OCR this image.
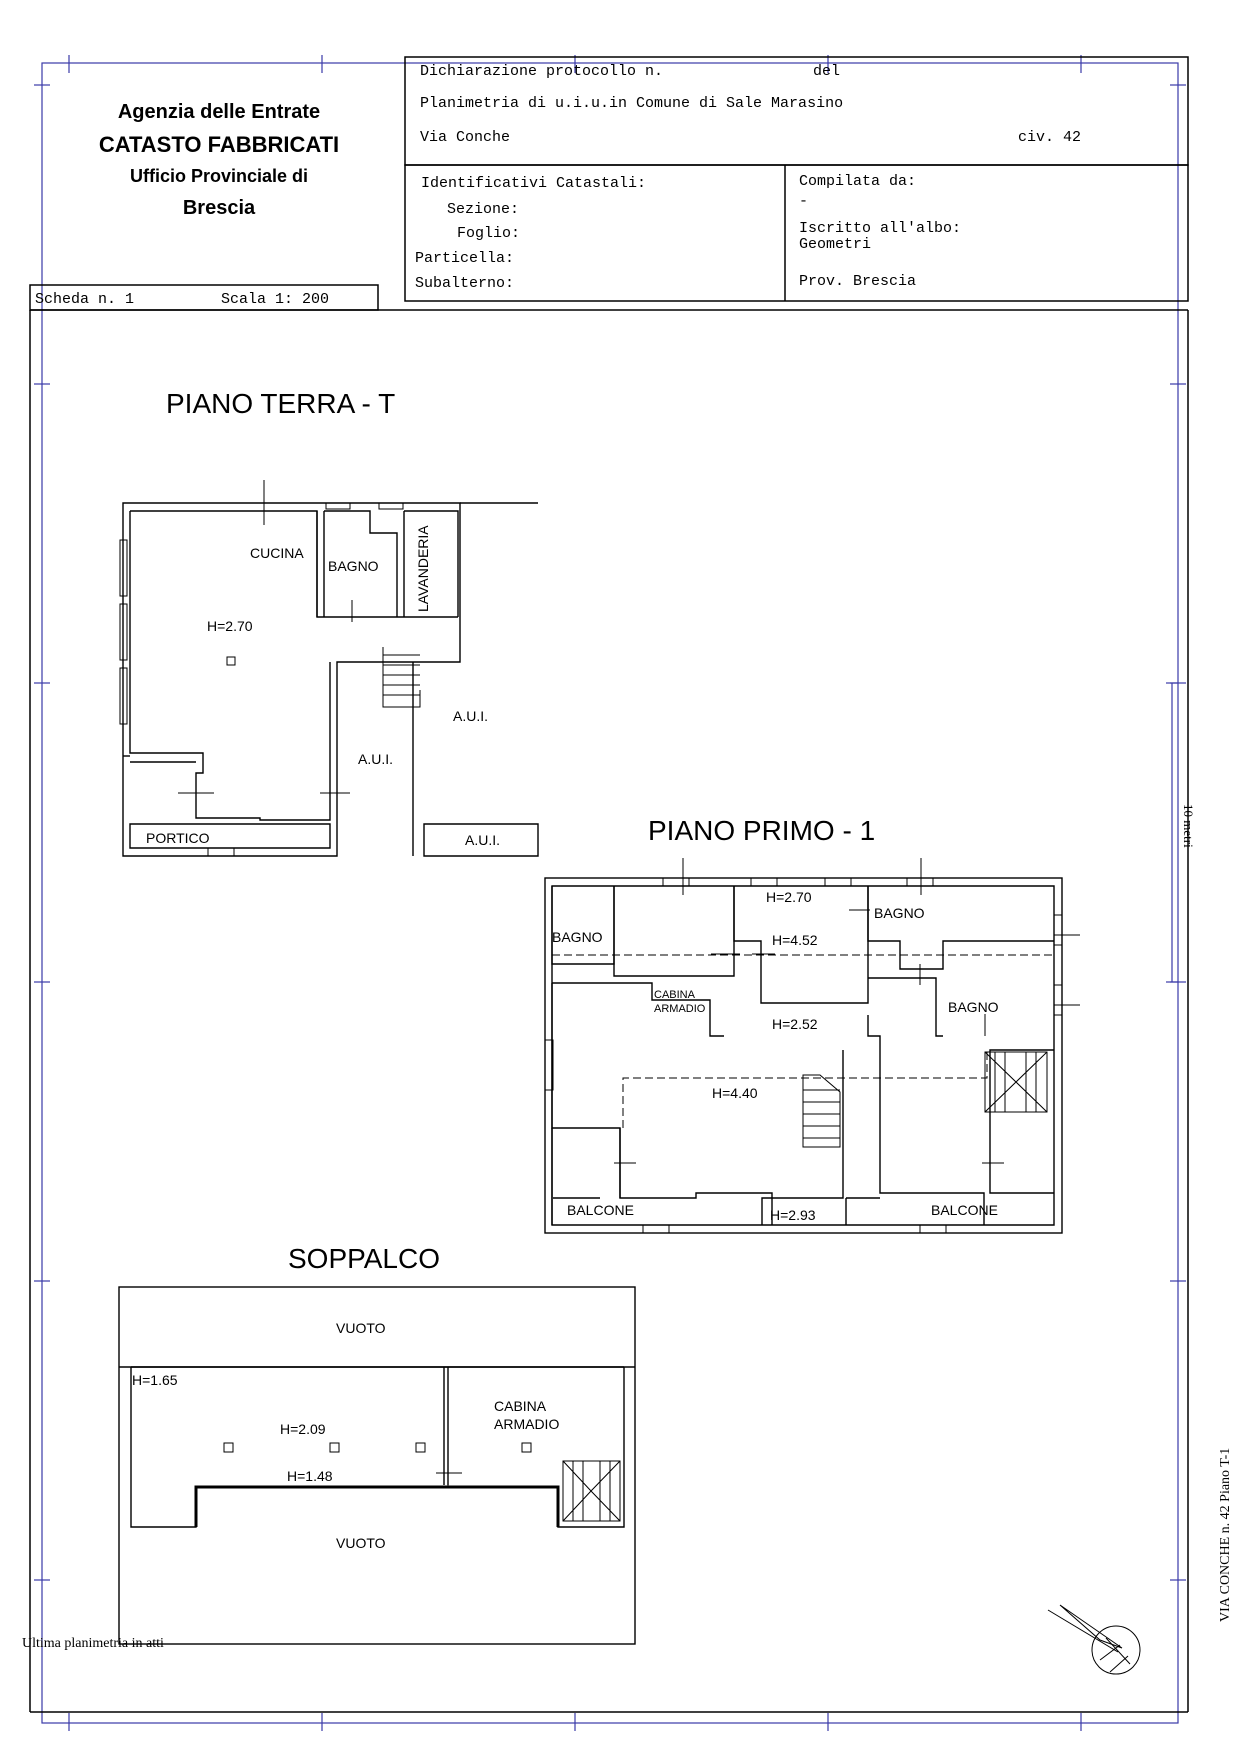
Agenzia delle Entrate
CATASTO FABBRICATI
Ufficio Provinciale di
Brescia
Dichiarazione protocollo n.	del
Planimetria di u.i.u.in Comune di Sale Marasino
Via Conche	civ. 42
Identificativi Catastali:
Sezione:
Foglio:
Particella:
Subalterno:
Compilata da:
-
Iscritto all'albo:
Geometri
Prov. Brescia
Scheda n. 1	Scala 1: 200
PIANO TERRA - T
CUCINA
BAGNO	LAVANDERIA
H=2.70
A.U.I.
A.U.I.
A.U.I.
PORTICO	PIANO PRIMO - 1
H=2.70
H=4.52
BAGNO
BAGNO
BAGNO
CABINA
ARMADIO
H=2.52
H=4.40
BALCONE	BALCONE
H=2.93
SOPPALCO
VUOTO
VUOTO
H=1.65
H=2.09
H=1.48
CABINA
ARMADIO
Ultima planimetria in atti
VIA CONCHE n. 42 Piano T-1
10 metri
